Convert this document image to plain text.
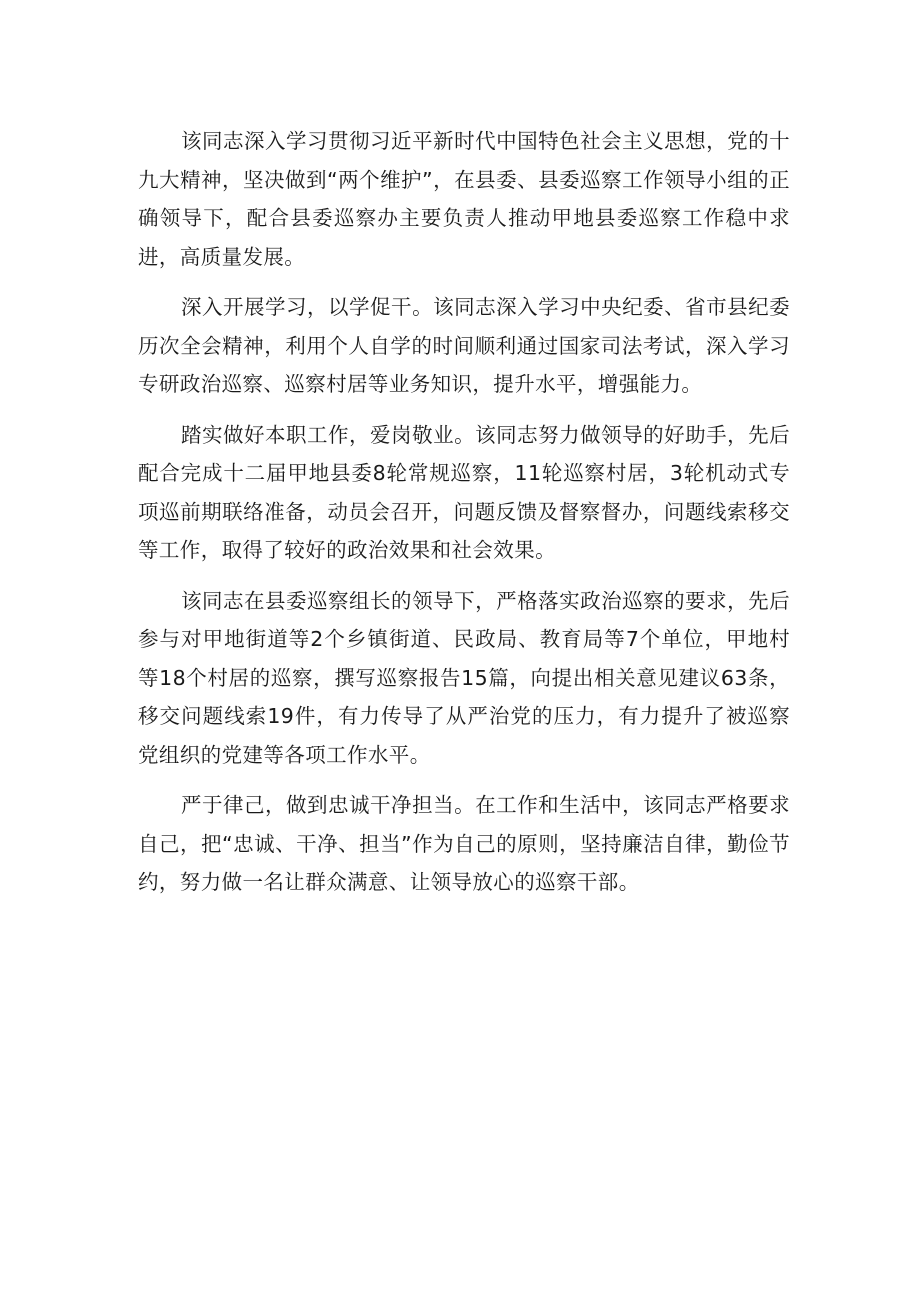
该同志深入学习贯彻习近平新时代中国特色社会主义思想，党的十九大精神，坚决做到“两个维护”，在县委、县委巡察工作领导小组的正确领导下，配合县委巡察办主要负责人推动甲地县委巡察工作稳中求进，高质量发展。

深入开展学习，以学促干。该同志深入学习中央纪委、省市县纪委历次全会精神，利用个人自学的时间顺利通过国家司法考试，深入学习专研政治巡察、巡察村居等业务知识，提升水平，增强能力。

踏实做好本职工作，爱岗敬业。该同志努力做领导的好助手，先后配合完成十二届甲地县委8轮常规巡察，11轮巡察村居，3轮机动式专项巡前期联络准备，动员会召开，问题反馈及督察督办，问题线索移交等工作，取得了较好的政治效果和社会效果。

该同志在县委巡察组长的领导下，严格落实政治巡察的要求，先后参与对甲地街道等2个乡镇街道、民政局、教育局等7个单位，甲地村等18个村居的巡察，撰写巡察报告15篇，向提出相关意见建议63条，移交问题线索19件，有力传导了从严治党的压力，有力提升了被巡察党组织的党建等各项工作水平。

严于律己，做到忠诚干净担当。在工作和生活中，该同志严格要求自己，把“忠诚、干净、担当”作为自己的原则，坚持廉洁自律，勤俭节约，努力做一名让群众满意、让领导放心的巡察干部。
